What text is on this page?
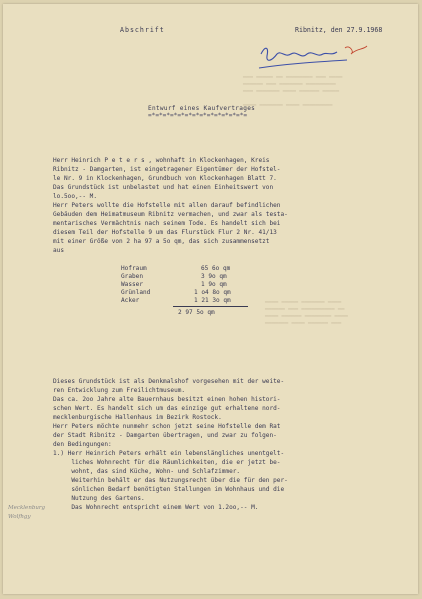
▁▁▁ ▁▁▁▁▁ ▁▁ ▁▁▁▁▁▁▁▁ ▁▁▁ ▁▁▁▁
▁▁▁▁▁▁ ▁▁▁ ▁▁▁▁▁▁▁ ▁▁▁▁▁▁▁▁▁
▁▁▁ ▁▁▁▁▁▁▁ ▁▁▁▁ ▁▁▁▁▁▁ ▁▁▁▁▁

▁▁▁▁ ▁▁▁▁▁▁▁ ▁▁▁▁ ▁▁▁▁▁▁▁▁▁
▁▁▁▁ ▁▁▁▁▁ ▁▁▁▁▁▁▁ ▁▁▁▁
▁▁▁▁▁▁ ▁▁▁ ▁▁▁▁▁▁▁▁▁▁ ▁▁
▁▁▁▁ ▁▁▁▁▁▁ ▁▁▁▁▁▁▁▁ ▁▁▁▁
▁▁▁▁▁▁▁ ▁▁▁▁ ▁▁▁▁▁▁ ▁▁▁
Abschrift	Ribnitz, den 27.9.1968
Entwurf eines Kaufvertrages
=*=*=*=*=*=*=*=*=*=*=*=*=*=
Herr Heinrich P e t e r s , wohnhaft in Klockenhagen, Kreis
Ribnitz - Damgarten, ist eingetragener Eigentümer der Hofstel-
le Nr. 9 in Klockenhagen, Grundbuch von Klockenhagen Blatt 7.
Das Grundstück ist unbelastet und hat einen Einheitswert von
lo.5oo,-- M.
Herr Peters wollte die Hofstelle mit allen darauf befindlichen
Gebäuden dem Heimatmuseum Ribnitz vermachen, und zwar als testa-
mentarisches Vermächtnis nach seinem Tode. Es handelt sich bei
diesem Teil der Hofstelle 9 um das Flurstück Flur 2 Nr. 41/13
mit einer Größe von 2 ha 97 a 5o qm, das sich zusammensetzt
aus
Hofraum	65 6o qm
Graben	3 9o qm
Wasser	1 9o qm
Grünland	1 o4 8o qm
Acker	1 21 3o qm
2 97 5o qm
Dieses Grundstück ist als Denkmalshof vorgesehen mit der weite-
ren Entwicklung zum Freilichtmuseum.
Das ca. 2oo Jahre alte Bauernhaus besitzt einen hohen histori-
schen Wert. Es handelt sich um das einzige gut erhaltene nord-
mecklenburgische Hallenhaus im Bezirk Rostock.
Herr Peters möchte nunmehr schon jetzt seine Hofstelle dem Rat
der Stadt Ribnitz - Damgarten übertragen, und zwar zu folgen-
den Bedingungen:
1.) Herr Heinrich Peters erhält ein lebenslängliches unentgelt-
liches Wohnrecht für die Räumlichkeiten, die er jetzt be-
wohnt, das sind Küche, Wohn- und Schlafzimmer.
Weiterhin behält er das Nutzungsrecht über die für den per-
sönlichen Bedarf benötigten Stallungen im Wohnhaus und die
Nutzung des Gartens.
Das Wohnrecht entspricht einem Wert von 1.2oo,-- M.
Mecklenburg
Wolfhgy
